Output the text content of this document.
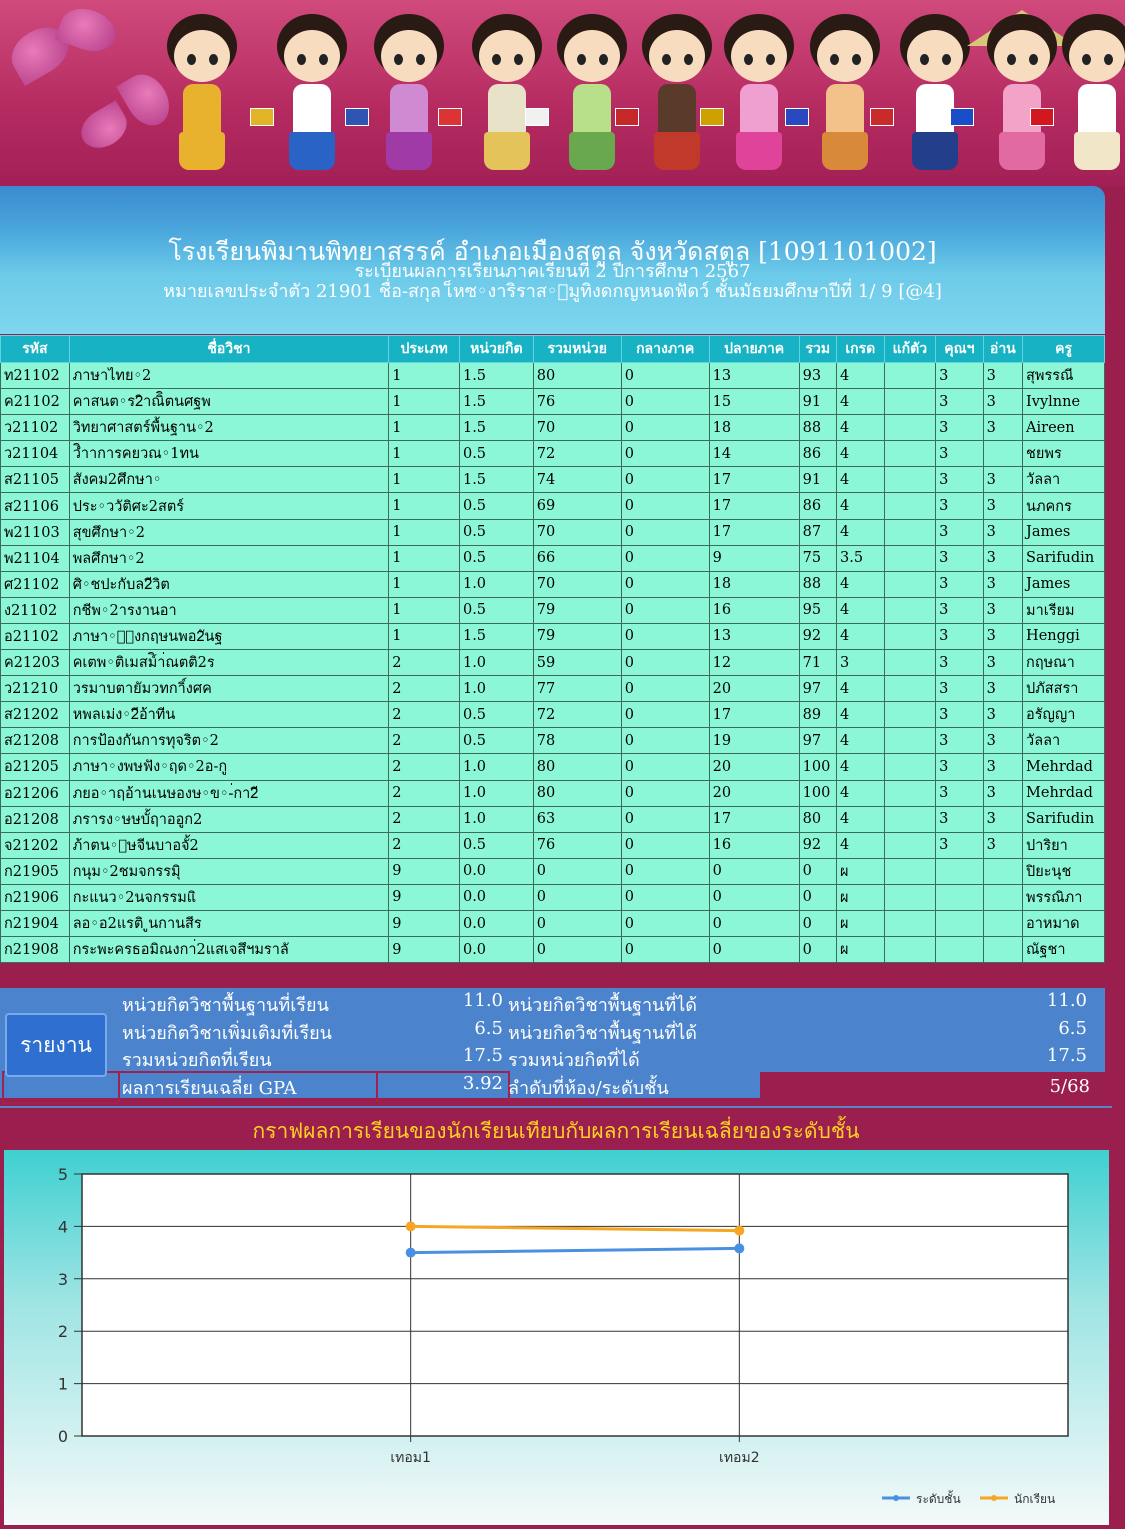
โรงเรียนพิมานพิทยาสรรค์ อำเภอเมืองสตูล จังหวัดสตูล [1091101002]
ระเบียนผลการเรียนภาคเรียนที่ 2 ปีการศึกษา 2567
หมายเลขประจำตัว 21901 ชื่อ-สกุล เ็หซ◦งาริราส◦ิมูทิงดกญหนดฟัดว์ ชั้นมัธยมศึกษาปีที่ 1/ 9 [@4]
รหัส	ชื่อวิชา	ประเภท	หน่วยกิต	รวมหน่วย	กลางภาค	ปลายภาค	รวม	เกรด	แก้ตัว	คุณฯ	อ่าน	ครู
ท21102	ภาษาไทย◦2	1	1.5	80	0	13	93	4		3	3	สุพรรณี
ค21102	คาสนต◦ร2ิาณิิตนศฐพ	1	1.5	76	0	15	91	4		3	3	Ivylnne
ว21102	วิทยาศาสตร์พื้นฐาน◦2	1	1.5	70	0	18	88	4		3	3	Aireen
ว21104	วิำาการคยวณ◦1ทน	1	0.5	72	0	14	86	4		3		ชยพร
ส21105	สังคม2ศึกษา◦	1	1.5	74	0	17	91	4		3	3	วัลลา
ส21106	ประ◦ววัติศะ2สตร์	1	0.5	69	0	17	86	4		3	3	นภคกร
พ21103	สุขศึกษา◦2	1	0.5	70	0	17	87	4		3	3	James
พ21104	พลศึกษา◦2	1	0.5	66	0	9	75	3.5		3	3	Sarifudin
ศ21102	ศิ◦ชปะกับล2ีวิต	1	1.0	70	0	18	88	4		3	3	James
ง21102	กชีพ◦2ารงานอา	1	0.5	79	0	16	95	4		3	3	มาเรียม
อ21102	ภาษา◦ีังกฤษนพอ2ันฐ	1	1.5	79	0	13	92	4		3	3	Henggi
ค21203	คเตพ◦ติเมสม์ิา่ณตติ2ร	2	1.0	59	0	12	71	3		3	3	กฤษณา
ว21210	วรมาบตายัมวทกาิ์งศค	2	1.0	77	0	20	97	4		3	3	ปภัสสรา
ส21202	หพลเม่ง◦2ีอ้าทีน	2	0.5	72	0	17	89	4		3	3	อรัญญา
ส21208	การป้องกันการทุจริต◦2	2	0.5	78	0	19	97	4		3	3	วัลลา
อ21205	ภาษา◦งพษฟัง◦ฤด◦2อ-กู	2	1.0	80	0	20	100	4		3	3	Mehrdad
อ21206	ภยอ◦าฤอ้านเนษองษ◦ข◦-่กา2ี	2	1.0	80	0	20	100	4		3	3	Mehrdad
อ21208	ภรารง◦ษษบั้ฤาออูก2	2	1.0	63	0	17	80	4		3	3	Sarifudin
จ21202	ภ้าตน◦ีษจีนบาอจั้2	2	0.5	76	0	16	92	4		3	3	ปาริยา
ก21905	กนุม◦2ชมจกรรมุิ	9	0.0	0	0	0	0	ผ				ปิยะนุช
ก21906	กะแนว◦2นจกรรมแิ	9	0.0	0	0	0	0	ผ				พรรณิภา
ก21904	ลอ◦อ2แรติ ูนกานสีร	9	0.0	0	0	0	0	ผ				อาหมาด
ก21908	กระพะครธอมิณงกา่2แสเจสึฯมราลั	9	0.0	0	0	0	0	ผ				ณัฐชา
หน่วยกิตวิชาพื้นฐานที่เรียน	11.0 หน่วยกิตวิชาพื้นฐานที่ได้	11.0
หน่วยกิตวิชาเพิ่มเติมที่เรียน	6.5 หน่วยกิตวิชาพื้นฐานที่ได้	6.5
รวมหน่วยกิตที่เรียน	17.5 รวมหน่วยกิตที่ได้	17.5
ผลการเรียนเฉลี่ย GPA	3.92 ลำดับที่ห้อง/ระดับชั้น	5/68
รายงาน
กราฟผลการเรียนของนักเรียนเทียบกับผลการเรียนเฉลี่ยของระดับชั้น
0
1
2
3
4
5
เทอม1	เทอม2
ระดับชั้น	นักเรียน
